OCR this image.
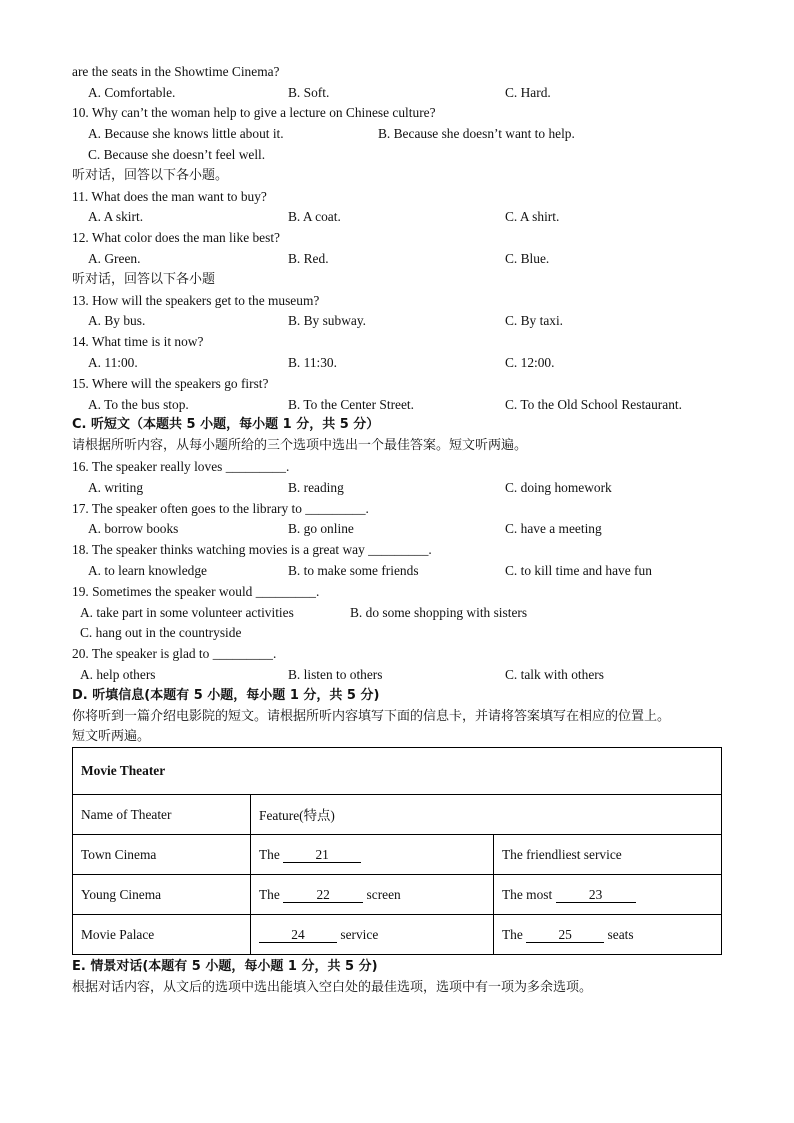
are the seats in the Showtime Cinema?
A. Comfortable.	B. Soft.	C. Hard.
10. Why can’t the woman help to give a lecture on Chinese culture?
A. Because she knows little about it.	B. Because she doesn’t want to help.
C. Because she doesn’t feel well.
听对话，回答以下各小题。
11. What does the man want to buy?
A. A skirt.	B. A coat.	C. A shirt.
12. What color does the man like best?
A. Green.	B. Red.	C. Blue.
听对话，回答以下各小题
13. How will the speakers get to the museum?
A. By bus.	B. By subway.	C. By taxi.
14. What time is it now?
A. 11:00.	B. 11:30.	C. 12:00.
15. Where will the speakers go first?
A. To the bus stop.	B. To the Center Street.	C. To the Old School Restaurant.
C. 听短文（本题共 5 小题，每小题 1 分，共 5 分）
请根据所听内容，从每小题所给的三个选项中选出一个最佳答案。短文听两遍。
16. The speaker really loves _________.
A. writing	B. reading	C. doing homework
17. The speaker often goes to the library to _________.
A. borrow books	B. go online	C. have a meeting
18. The speaker thinks watching movies is a great way _________.
A. to learn knowledge	B. to make some friends	C. to kill time and have fun
19. Sometimes the speaker would _________.
A. take part in some volunteer activities	B. do some shopping with sisters
C. hang out in the countryside
20. The speaker is glad to _________.
A. help others	B. listen to others	C. talk with others
D. 听填信息(本题有 5 小题，每小题 1 分，共 5 分)
你将听到一篇介绍电影院的短文。请根据所听内容填写下面的信息卡，并请将答案填写在相应的位置上。
短文听两遍。
Movie Theater		
Name of Theater	Feature(特点)	
Town Cinema	The 21	The friendliest service
Young Cinema	The 22 screen	The most 23
Movie Palace	24 service	The 25 seats
E. 情景对话(本题有 5 小题，每小题 1 分，共 5 分)
根据对话内容，从文后的选项中选出能填入空白处的最佳选项，选项中有一项为多余选项。
